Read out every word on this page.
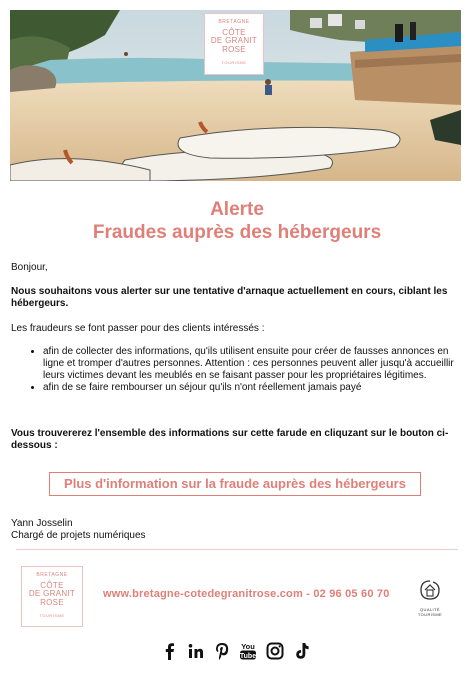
BRETAGNE
CÔTE
DE GRANIT
ROSE
TOURISME
Alerte
Fraudes auprès des hébergeurs
Bonjour,
Nous souhaitons vous alerter sur une tentative d'arnaque actuellement en cours, ciblant les hébergeurs.
Les fraudeurs se font passer pour des clients intéressés :
• afin de collecter des informations, qu'ils utilisent ensuite pour créer de fausses annonces en ligne et tromper d'autres personnes. Attention : ces personnes peuvent aller jusqu'à accueillir leurs victimes devant les meublés en se faisant passer pour les propriétaires légitimes.
• afin de se faire rembourser un séjour qu'ils n'ont réellement jamais payé
Vous trouvererez l'ensemble des informations sur cette farude en cliquzant sur le bouton ci-dessous :
Plus d'information sur la fraude auprès des hébergeurs
Yann Josselin
Chargé de projets numériques
BRETAGNE
CÔTE
DE GRANIT
ROSE
TOURISME
www.bretagne-cotedegranitrose.com - 02 96 05 60 70
QUALITÉ
TOURISME
You
Tube
